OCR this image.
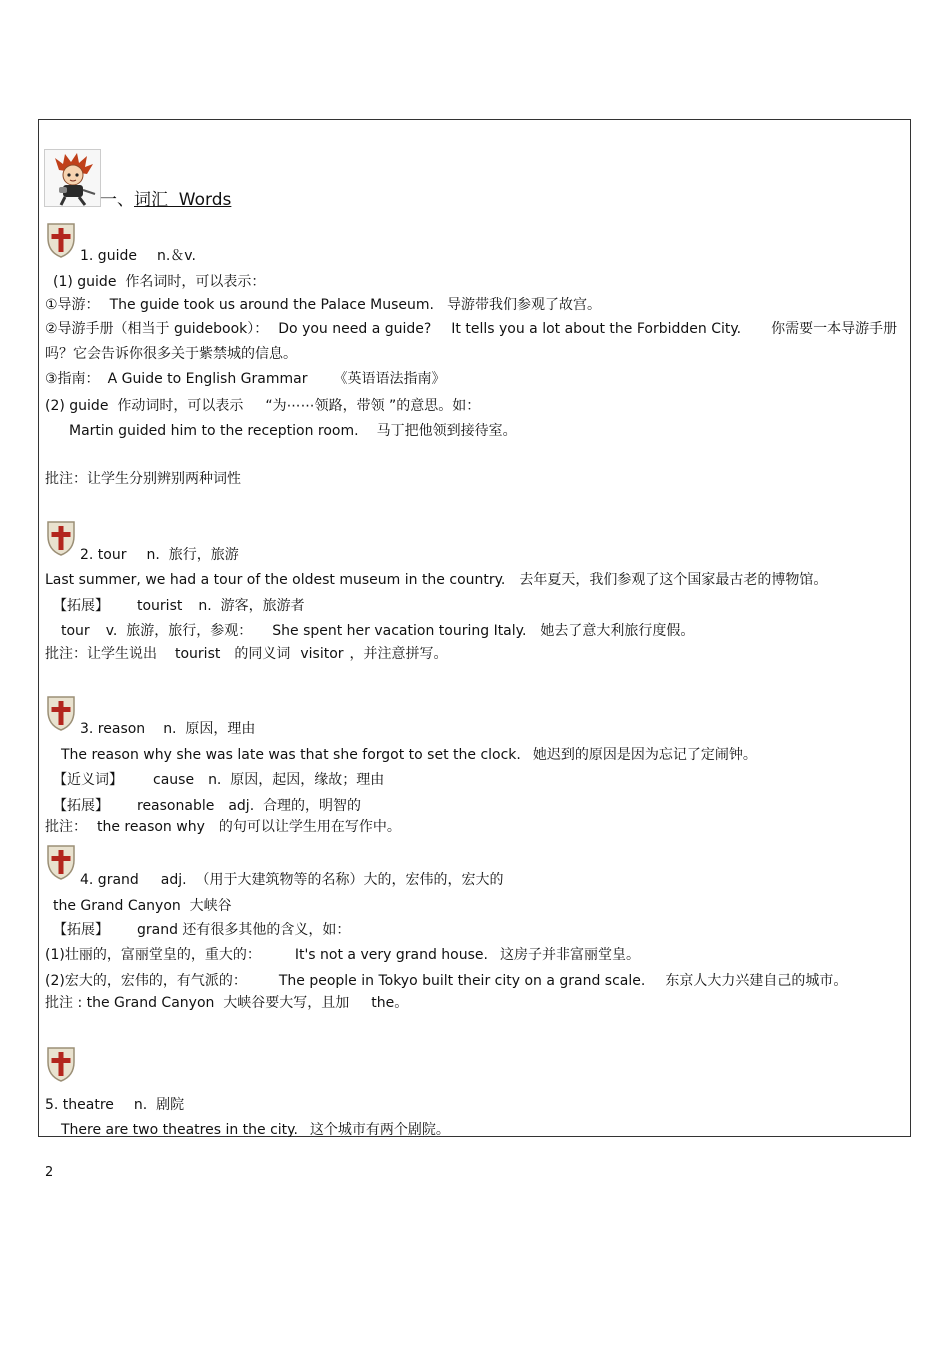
一、词汇  Words
1. guide n.＆v.
(1) guide  作名词时，可以表示：
①导游： The guide took us around the Palace Museum. 导游带我们参观了故宫。
②导游手册（相当于 guidebook）： Do you need a guide? It tells you a lot about the Forbidden City. 你需要一本导游手册
吗？它会告诉你很多关于紫禁城的信息。
③指南： A Guide to English Grammar 《英语语法指南》
(2) guide  作动词时，可以表示 “为⋯⋯领路，带领 ”的意思。如：
Martin guided him to the reception room. 马丁把他领到接待室。
批注：让学生分别辨别两种词性
2. tour n.  旅行，旅游
Last summer, we had a tour of the oldest museum in the country. 去年夏天，我们参观了这个国家最古老的博物馆。
【拓展】 tourist n.  游客，旅游者
tour v.  旅游，旅行，参观： She spent her vacation touring Italy. 她去了意大利旅行度假。
批注：让学生说出 tourist 的同义词 visitor ，并注意拼写。
3. reason n.  原因，理由
The reason why she was late was that she forgot to set the clock. 她迟到的原因是因为忘记了定闹钟。
【近义词】 cause n.  原因，起因，缘故；理由
【拓展】 reasonable adj.  合理的，明智的
批注： the reason why 的句可以让学生用在写作中。
4. grand adj.  （用于大建筑物等的名称）大的，宏伟的，宏大的
the Grand Canyon  大峡谷
【拓展】 grand 还有很多其他的含义，如：
(1)壮丽的，富丽堂皇的，重大的： It's not a very grand house. 这房子并非富丽堂皇。
(2)宏大的，宏伟的，有气派的： The people in Tokyo built their city on a grand scale. 东京人大力兴建自己的城市。
批注 : the Grand Canyon  大峡谷要大写，且加 the。
5. theatre n.  剧院
There are two theatres in the city. 这个城市有两个剧院。
2
